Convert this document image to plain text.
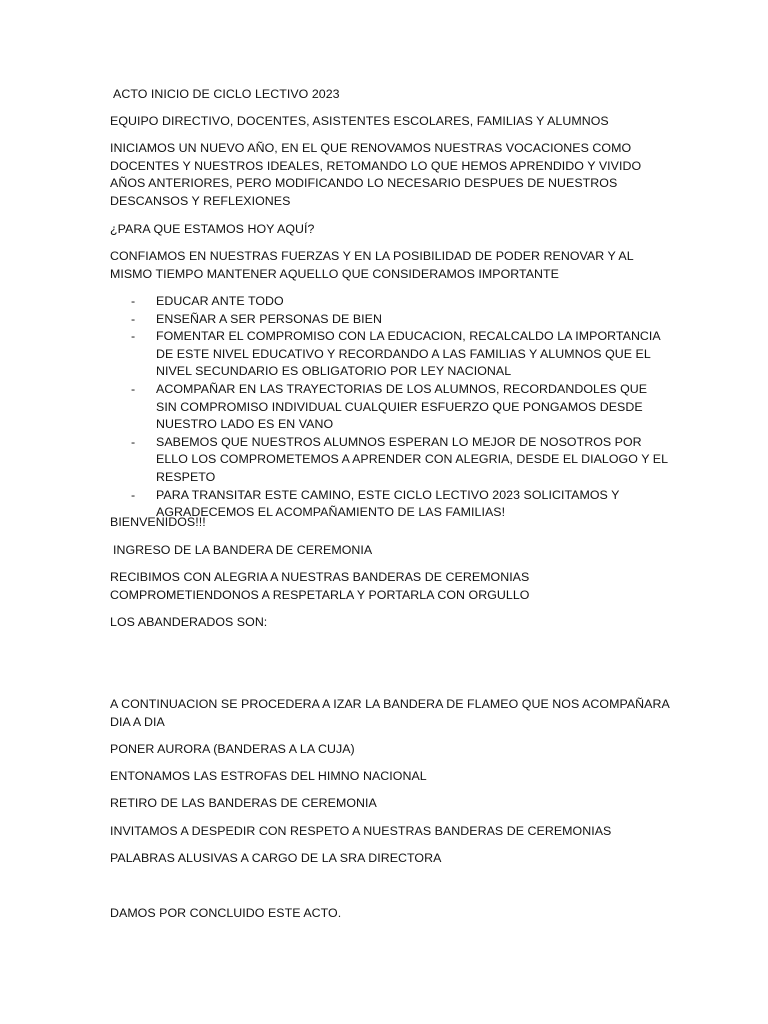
ACTO INICIO DE CICLO LECTIVO 2023

EQUIPO DIRECTIVO, DOCENTES, ASISTENTES ESCOLARES, FAMILIAS Y ALUMNOS

INICIAMOS UN NUEVO AÑO, EN EL QUE RENOVAMOS NUESTRAS VOCACIONES COMO DOCENTES Y NUESTROS IDEALES, RETOMANDO LO QUE HEMOS APRENDIDO Y VIVIDO AÑOS ANTERIORES, PERO MODIFICANDO LO NECESARIO DESPUES DE NUESTROS DESCANSOS Y REFLEXIONES

¿PARA QUE ESTAMOS HOY AQUÍ?

CONFIAMOS EN NUESTRAS FUERZAS Y EN LA POSIBILIDAD DE PODER RENOVAR Y AL MISMO TIEMPO MANTENER AQUELLO QUE CONSIDERAMOS IMPORTANTE

- EDUCAR ANTE TODO
- ENSEÑAR A SER PERSONAS DE BIEN
- FOMENTAR EL COMPROMISO CON LA EDUCACION, RECALCALDO LA IMPORTANCIA DE ESTE NIVEL EDUCATIVO Y RECORDANDO A LAS FAMILIAS Y ALUMNOS QUE EL NIVEL SECUNDARIO ES OBLIGATORIO POR LEY NACIONAL
- ACOMPAÑAR EN LAS TRAYECTORIAS DE LOS ALUMNOS, RECORDANDOLES QUE SIN COMPROMISO INDIVIDUAL CUALQUIER ESFUERZO QUE PONGAMOS DESDE NUESTRO LADO ES EN VANO
- SABEMOS QUE NUESTROS ALUMNOS ESPERAN LO MEJOR DE NOSOTROS POR ELLO LOS COMPROMETEMOS A APRENDER CON ALEGRIA, DESDE EL DIALOGO Y EL RESPETO
- PARA TRANSITAR ESTE CAMINO, ESTE CICLO LECTIVO 2023 SOLICITAMOS Y AGRADECEMOS EL ACOMPAÑAMIENTO DE LAS FAMILIAS!

BIENVENIDOS!!!

INGRESO DE LA BANDERA DE CEREMONIA

RECIBIMOS CON ALEGRIA A NUESTRAS BANDERAS DE CEREMONIAS COMPROMETIENDONOS A RESPETARLA Y PORTARLA CON ORGULLO

LOS ABANDERADOS SON:

A CONTINUACION SE PROCEDERA A IZAR LA BANDERA DE FLAMEO QUE NOS ACOMPAÑARA DIA A DIA

PONER AURORA (BANDERAS A LA CUJA)

ENTONAMOS LAS ESTROFAS DEL HIMNO NACIONAL

RETIRO DE LAS BANDERAS DE CEREMONIA

INVITAMOS A DESPEDIR CON RESPETO A NUESTRAS BANDERAS DE CEREMONIAS

PALABRAS ALUSIVAS A CARGO DE LA SRA DIRECTORA

DAMOS POR CONCLUIDO ESTE ACTO.
